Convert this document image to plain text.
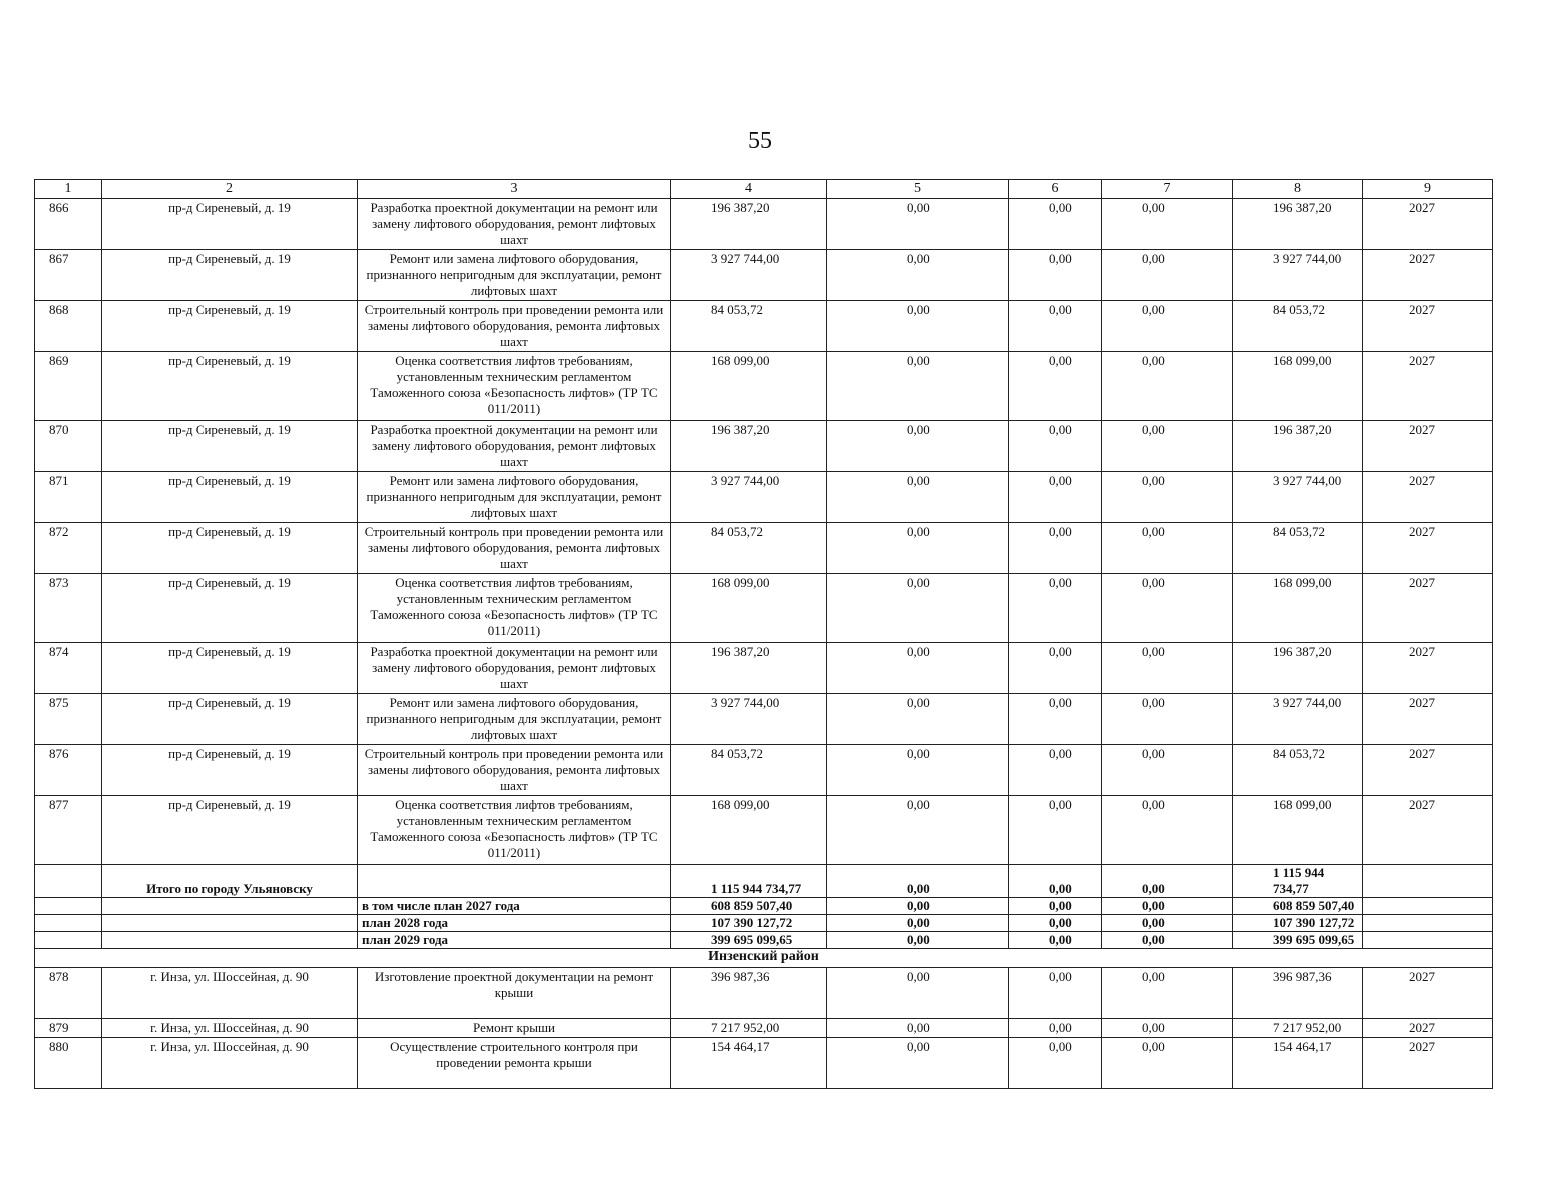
55
1	2	3	4	5	6	7	8	9
866	пр-д Сиреневый, д. 19	Разработка проектной документации на ремонт или замену лифтового оборудования, ремонт лифтовых шахт	196 387,20	0,00	0,00	0,00	196 387,20	2027
867	пр-д Сиреневый, д. 19	Ремонт или замена лифтового оборудования, признанного непригодным для эксплуатации, ремонт лифтовых шахт	3 927 744,00	0,00	0,00	0,00	3 927 744,00	2027
868	пр-д Сиреневый, д. 19	Строительный контроль при проведении ремонта или замены лифтового оборудования, ремонта лифтовых шахт	84 053,72	0,00	0,00	0,00	84 053,72	2027
869	пр-д Сиреневый, д. 19	Оценка соответствия лифтов требованиям, установленным техническим регламентом Таможенного союза «Безопасность лифтов» (ТР ТС 011/2011)	168 099,00	0,00	0,00	0,00	168 099,00	2027
870	пр-д Сиреневый, д. 19	Разработка проектной документации на ремонт или замену лифтового оборудования, ремонт лифтовых шахт	196 387,20	0,00	0,00	0,00	196 387,20	2027
871	пр-д Сиреневый, д. 19	Ремонт или замена лифтового оборудования, признанного непригодным для эксплуатации, ремонт лифтовых шахт	3 927 744,00	0,00	0,00	0,00	3 927 744,00	2027
872	пр-д Сиреневый, д. 19	Строительный контроль при проведении ремонта или замены лифтового оборудования, ремонта лифтовых шахт	84 053,72	0,00	0,00	0,00	84 053,72	2027
873	пр-д Сиреневый, д. 19	Оценка соответствия лифтов требованиям, установленным техническим регламентом Таможенного союза «Безопасность лифтов» (ТР ТС 011/2011)	168 099,00	0,00	0,00	0,00	168 099,00	2027
874	пр-д Сиреневый, д. 19	Разработка проектной документации на ремонт или замену лифтового оборудования, ремонт лифтовых шахт	196 387,20	0,00	0,00	0,00	196 387,20	2027
875	пр-д Сиреневый, д. 19	Ремонт или замена лифтового оборудования, признанного непригодным для эксплуатации, ремонт лифтовых шахт	3 927 744,00	0,00	0,00	0,00	3 927 744,00	2027
876	пр-д Сиреневый, д. 19	Строительный контроль при проведении ремонта или замены лифтового оборудования, ремонта лифтовых шахт	84 053,72	0,00	0,00	0,00	84 053,72	2027
877	пр-д Сиреневый, д. 19	Оценка соответствия лифтов требованиям, установленным техническим регламентом Таможенного союза «Безопасность лифтов» (ТР ТС 011/2011)	168 099,00	0,00	0,00	0,00	168 099,00	2027
	Итого по городу Ульяновску		1 115 944 734,77	0,00	0,00	0,00	1 115 944 734,77	
		в том числе план 2027 года	608 859 507,40	0,00	0,00	0,00	608 859 507,40	
		план 2028 года	107 390 127,72	0,00	0,00	0,00	107 390 127,72	
		план 2029 года	399 695 099,65	0,00	0,00	0,00	399 695 099,65	
Инзенский район								
878	г. Инза, ул. Шоссейная, д. 90	Изготовление проектной документации на ремонт крыши	396 987,36	0,00	0,00	0,00	396 987,36	2027
879	г. Инза, ул. Шоссейная, д. 90	Ремонт крыши	7 217 952,00	0,00	0,00	0,00	7 217 952,00	2027
880	г. Инза, ул. Шоссейная, д. 90	Осуществление строительного контроля при проведении ремонта крыши	154 464,17	0,00	0,00	0,00	154 464,17	2027
